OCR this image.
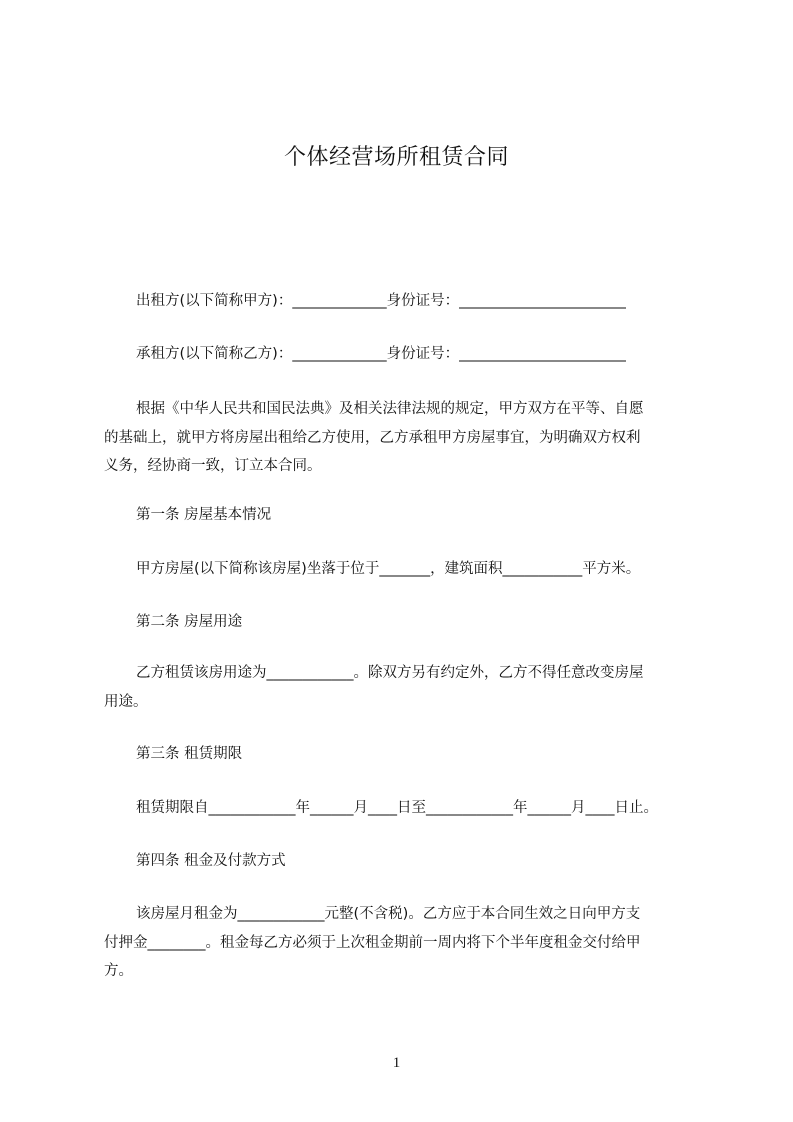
个体经营场所租赁合同
出租方(以下简称甲方)：_____________身份证号：_______________________
承租方(以下简称乙方)：_____________身份证号：_______________________
根据《中华人民共和国民法典》及相关法律法规的规定，甲方双方在平等、自愿
的基础上，就甲方将房屋出租给乙方使用，乙方承租甲方房屋事宜，为明确双方权利
义务，经协商一致，订立本合同。
第一条 房屋基本情况
甲方房屋(以下简称该房屋)坐落于位于_______，建筑面积___________平方米。
第二条 房屋用途
乙方租赁该房用途为____________。除双方另有约定外，乙方不得任意改变房屋
用途。
第三条 租赁期限
租赁期限自____________年______月____日至____________年______月____日止。
第四条 租金及付款方式
该房屋月租金为____________元整(不含税)。乙方应于本合同生效之日向甲方支
付押金________。租金每乙方必须于上次租金期前一周内将下个半年度租金交付给甲
方。
1
